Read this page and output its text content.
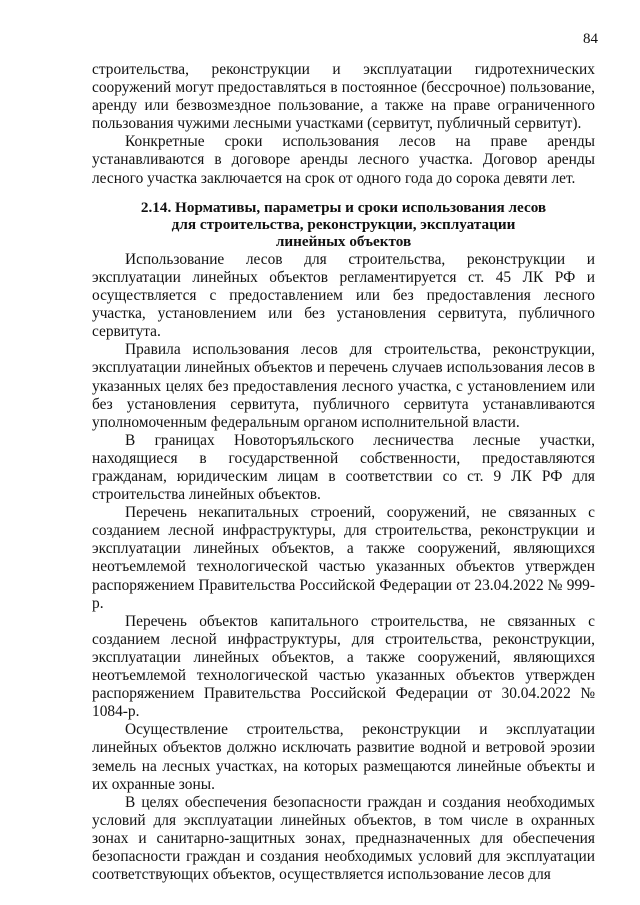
84

строительства, реконструкции и эксплуатации гидротехнических сооружений могут предоставляться в постоянное (бессрочное) пользование, аренду или безвозмездное пользование, а также на праве ограниченного пользования чужими лесными участками (сервитут, публичный сервитут).

Конкретные сроки использования лесов на праве аренды устанавливаются в договоре аренды лесного участка. Договор аренды лесного участка заключается на срок от одного года до сорока девяти лет.

2.14. Нормативы, параметры и сроки использования лесов
для строительства, реконструкции, эксплуатации
линейных объектов

Использование лесов для строительства, реконструкции и эксплуатации линейных объектов регламентируется ст. 45 ЛК РФ и осуществляется с предоставлением или без предоставления лесного участка, установлением или без установления сервитута, публичного сервитута.

Правила использования лесов для строительства, реконструкции, эксплуатации линейных объектов и перечень случаев использования лесов в указанных целях без предоставления лесного участка, с установлением или без установления сервитута, публичного сервитута устанавливаются уполномоченным федеральным органом исполнительной власти.

В границах Новоторъяльского лесничества лесные участки, находящиеся в государственной собственности, предоставляются гражданам, юридическим лицам в соответствии со ст. 9 ЛК РФ для строительства линейных объектов.

Перечень некапитальных строений, сооружений, не связанных с созданием лесной инфраструктуры, для строительства, реконструкции и эксплуатации линейных объектов, а также сооружений, являющихся неотъемлемой технологической частью указанных объектов утвержден распоряжением Правительства Российской Федерации от 23.04.2022 № 999-р.

Перечень объектов капитального строительства, не связанных с созданием лесной инфраструктуры, для строительства, реконструкции, эксплуатации линейных объектов, а также сооружений, являющихся неотъемлемой технологической частью указанных объектов утвержден распоряжением Правительства Российской Федерации от 30.04.2022 № 1084-р.

Осуществление строительства, реконструкции и эксплуатации линейных объектов должно исключать развитие водной и ветровой эрозии земель на лесных участках, на которых размещаются линейные объекты и их охранные зоны.

В целях обеспечения безопасности граждан и создания необходимых условий для эксплуатации линейных объектов, в том числе в охранных зонах и санитарно-защитных зонах, предназначенных для обеспечения безопасности граждан и создания необходимых условий для эксплуатации соответствующих объектов, осуществляется использование лесов для
